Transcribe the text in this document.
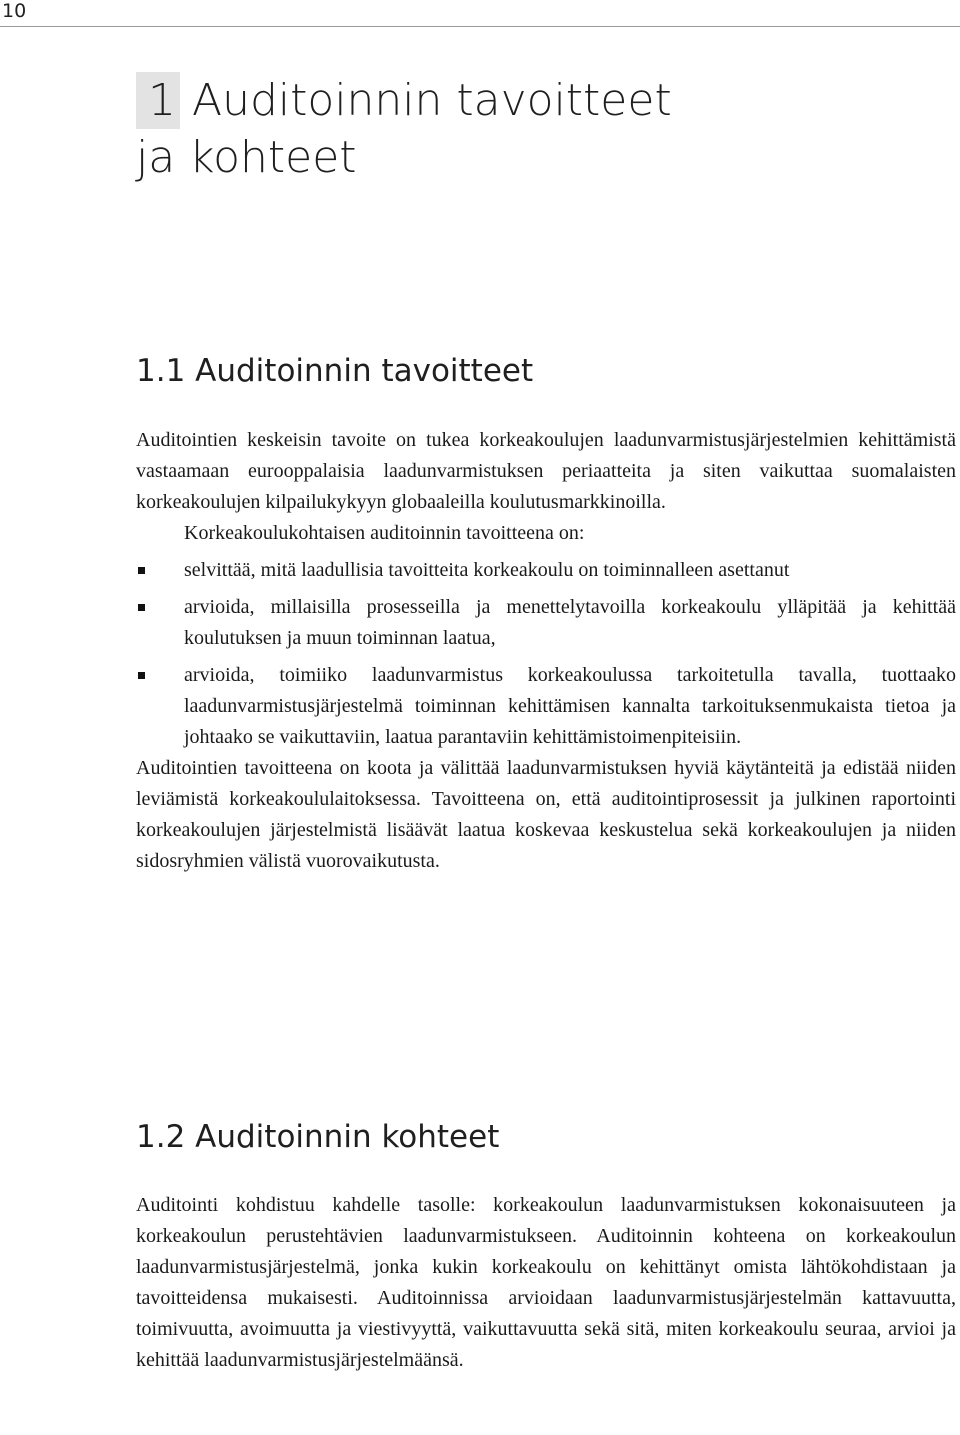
10
1 Auditoinnin tavoitteet
ja kohteet
1.1 Auditoinnin tavoitteet

Auditointien keskeisin tavoite on tukea korkeakoulujen laadunvarmistusjärjestelmien kehittämistä vastaamaan eurooppalaisia laadunvarmistuksen periaatteita ja siten vaikuttaa suomalaisten korkeakoulujen kilpailukykyyn globaaleilla koulutusmarkkinoilla.

Korkeakoulukohtaisen auditoinnin tavoitteena on:

selvittää, mitä laadullisia tavoitteita korkeakoulu on toiminnalleen asettanut
arvioida, millaisilla prosesseilla ja menettelytavoilla korkeakoulu ylläpitää ja kehittää koulutuksen ja muun toiminnan laatua,
arvioida, toimiiko laadunvarmistus korkeakoulussa tarkoitetulla tavalla, tuottaako laadunvarmistusjärjestelmä toiminnan kehittämisen kannalta tarkoituksenmukaista tietoa ja johtaako se vaikuttaviin, laatua parantaviin kehittämistoimenpiteisiin.

Auditointien tavoitteena on koota ja välittää laadunvarmistuksen hyviä käytänteitä ja edistää niiden leviämistä korkeakoululaitoksessa. Tavoitteena on, että auditointiprosessit ja julkinen raportointi korkeakoulujen järjestelmistä lisäävät laatua koskevaa keskustelua sekä korkeakoulujen ja niiden sidosryhmien välistä vuorovaikutusta.

1.2 Auditoinnin kohteet

Auditointi kohdistuu kahdelle tasolle: korkeakoulun laadunvarmistuksen kokonaisuuteen ja korkeakoulun perustehtävien laadunvarmistukseen. Auditoinnin kohteena on korkeakoulun laadunvarmistusjärjestelmä, jonka kukin korkeakoulu on kehittänyt omista lähtökohdistaan ja tavoitteidensa mukaisesti. Auditoinnissa arvioidaan laadunvarmistusjärjestelmän kattavuutta, toimivuutta, avoimuutta ja viestivyyttä, vaikuttavuutta sekä sitä, miten korkeakoulu seuraa, arvioi ja kehittää laadunvarmistusjärjestelmäänsä.
